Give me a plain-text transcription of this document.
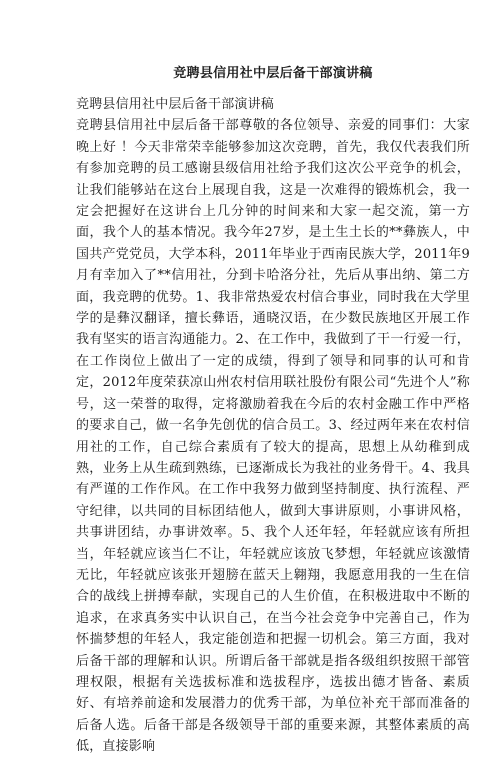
竞聘县信用社中层后备干部演讲稿

竞聘县信用社中层后备干部演讲稿

竞聘县信用社中层后备干部尊敬的各位领导、亲爱的同事们：大家晚上好 ！今天非常荣幸能够参加这次竞聘，首先，我仅代表我们所有参加竞聘的员工感谢县级信用社给予我们这次公平竞争的机会，让我们能够站在这台上展现自我，这是一次难得的锻炼机会，我一定会把握好在这讲台上几分钟的时间来和大家一起交流，第一方面，我个人的基本情况。我今年27岁，是土生土长的**彝族人，中国共产党党员，大学本科，2011年毕业于西南民族大学，2011年9月有幸加入了**信用社，分到卡哈洛分社，先后从事出纳、第二方面，我竞聘的优势。1、我非常热爱农村信合事业，同时我在大学里学的是彝汉翻译，擅长彝语，通晓汉语，在少数民族地区开展工作我有坚实的语言沟通能力。2、在工作中，我做到了干一行爱一行，在工作岗位上做出了一定的成绩，得到了领导和同事的认可和肯定，2012年度荣获凉山州农村信用联社股份有限公司“先进个人”称号，这一荣誉的取得，定将激励着我在今后的农村金融工作中严格的要求自己，做一名争先创优的信合员工。3、经过两年来在农村信用社的工作，自己综合素质有了较大的提高，思想上从幼稚到成熟，业务上从生疏到熟练，已逐渐成长为我社的业务骨干。4、我具有严谨的工作作风。在工作中我努力做到坚持制度、执行流程、严守纪律，以共同的目标团结他人，做到大事讲原则，小事讲风格，共事讲团结，办事讲效率。5、我个人还年轻，年轻就应该有所担当，年轻就应该当仁不让，年轻就应该放飞梦想，年轻就应该激情无比，年轻就应该张开翅膀在蓝天上翱翔，我愿意用我的一生在信合的战线上拼搏奉献，实现自己的人生价值，在积极进取中不断的追求，在求真务实中认识自己，在当今社会竞争中完善自己，作为怀揣梦想的年轻人，我定能创造和把握一切机会。第三方面，我对后备干部的理解和认识。所谓后备干部就是指各级组织按照干部管理权限，根据有关选拔标准和选拔程序，选拔出德才皆备、素质好、有培养前途和发展潜力的优秀干部，为单位补充干部而准备的后备人选。后备干部是各级领导干部的重要来源，其整体素质的高低，直接影响
